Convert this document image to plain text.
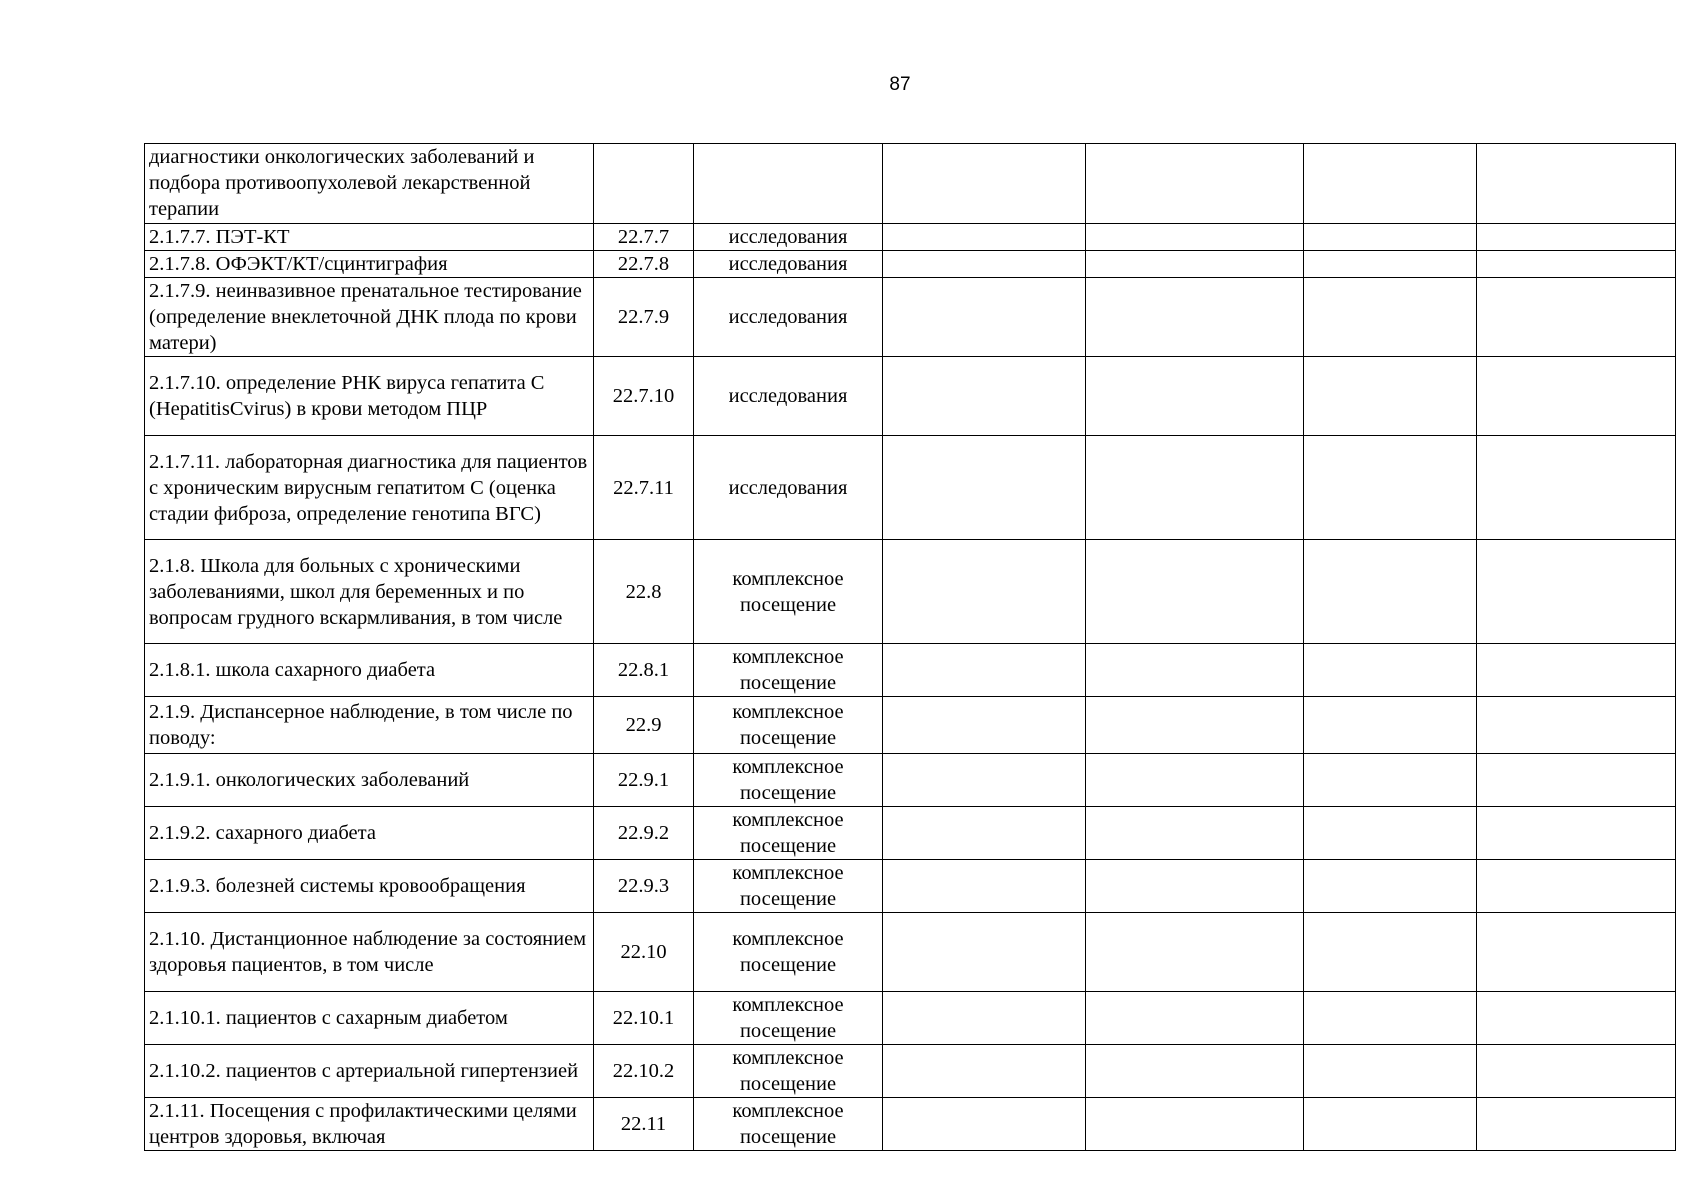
87
диагностики онкологических заболеваний и подбора противоопухолевой лекарственной терапии						
2.1.7.7. ПЭТ-КТ	22.7.7	исследования				
2.1.7.8. ОФЭКТ/КТ/сцинтиграфия	22.7.8	исследования				
2.1.7.9. неинвазивное пренатальное тестирование (определение внеклеточной ДНК плода по крови матери)	22.7.9	исследования				
2.1.7.10. определение РНК вируса гепатита С (HepatitisCvirus) в крови методом ПЦР	22.7.10	исследования				
2.1.7.11. лабораторная диагностика для пациентов с хроническим вирусным гепатитом С (оценка стадии фиброза, определение генотипа ВГС)	22.7.11	исследования				
2.1.8. Школа для больных с хроническими заболеваниями, школ для беременных и по вопросам грудного вскармливания, в том числе	22.8	комплексное посещение				
2.1.8.1. школа сахарного диабета	22.8.1	комплексное посещение				
2.1.9. Диспансерное наблюдение, в том числе по поводу:	22.9	комплексное посещение				
2.1.9.1. онкологических заболеваний	22.9.1	комплексное посещение				
2.1.9.2. сахарного диабета	22.9.2	комплексное посещение				
2.1.9.3. болезней системы кровообращения	22.9.3	комплексное посещение				
2.1.10. Дистанционное наблюдение за состоянием здоровья пациентов, в том числе	22.10	комплексное посещение				
2.1.10.1. пациентов с сахарным диабетом	22.10.1	комплексное посещение				
2.1.10.2. пациентов с артериальной гипертензией	22.10.2	комплексное посещение				
2.1.11. Посещения с профилактическими целями центров здоровья, включая	22.11	комплексное посещение				
